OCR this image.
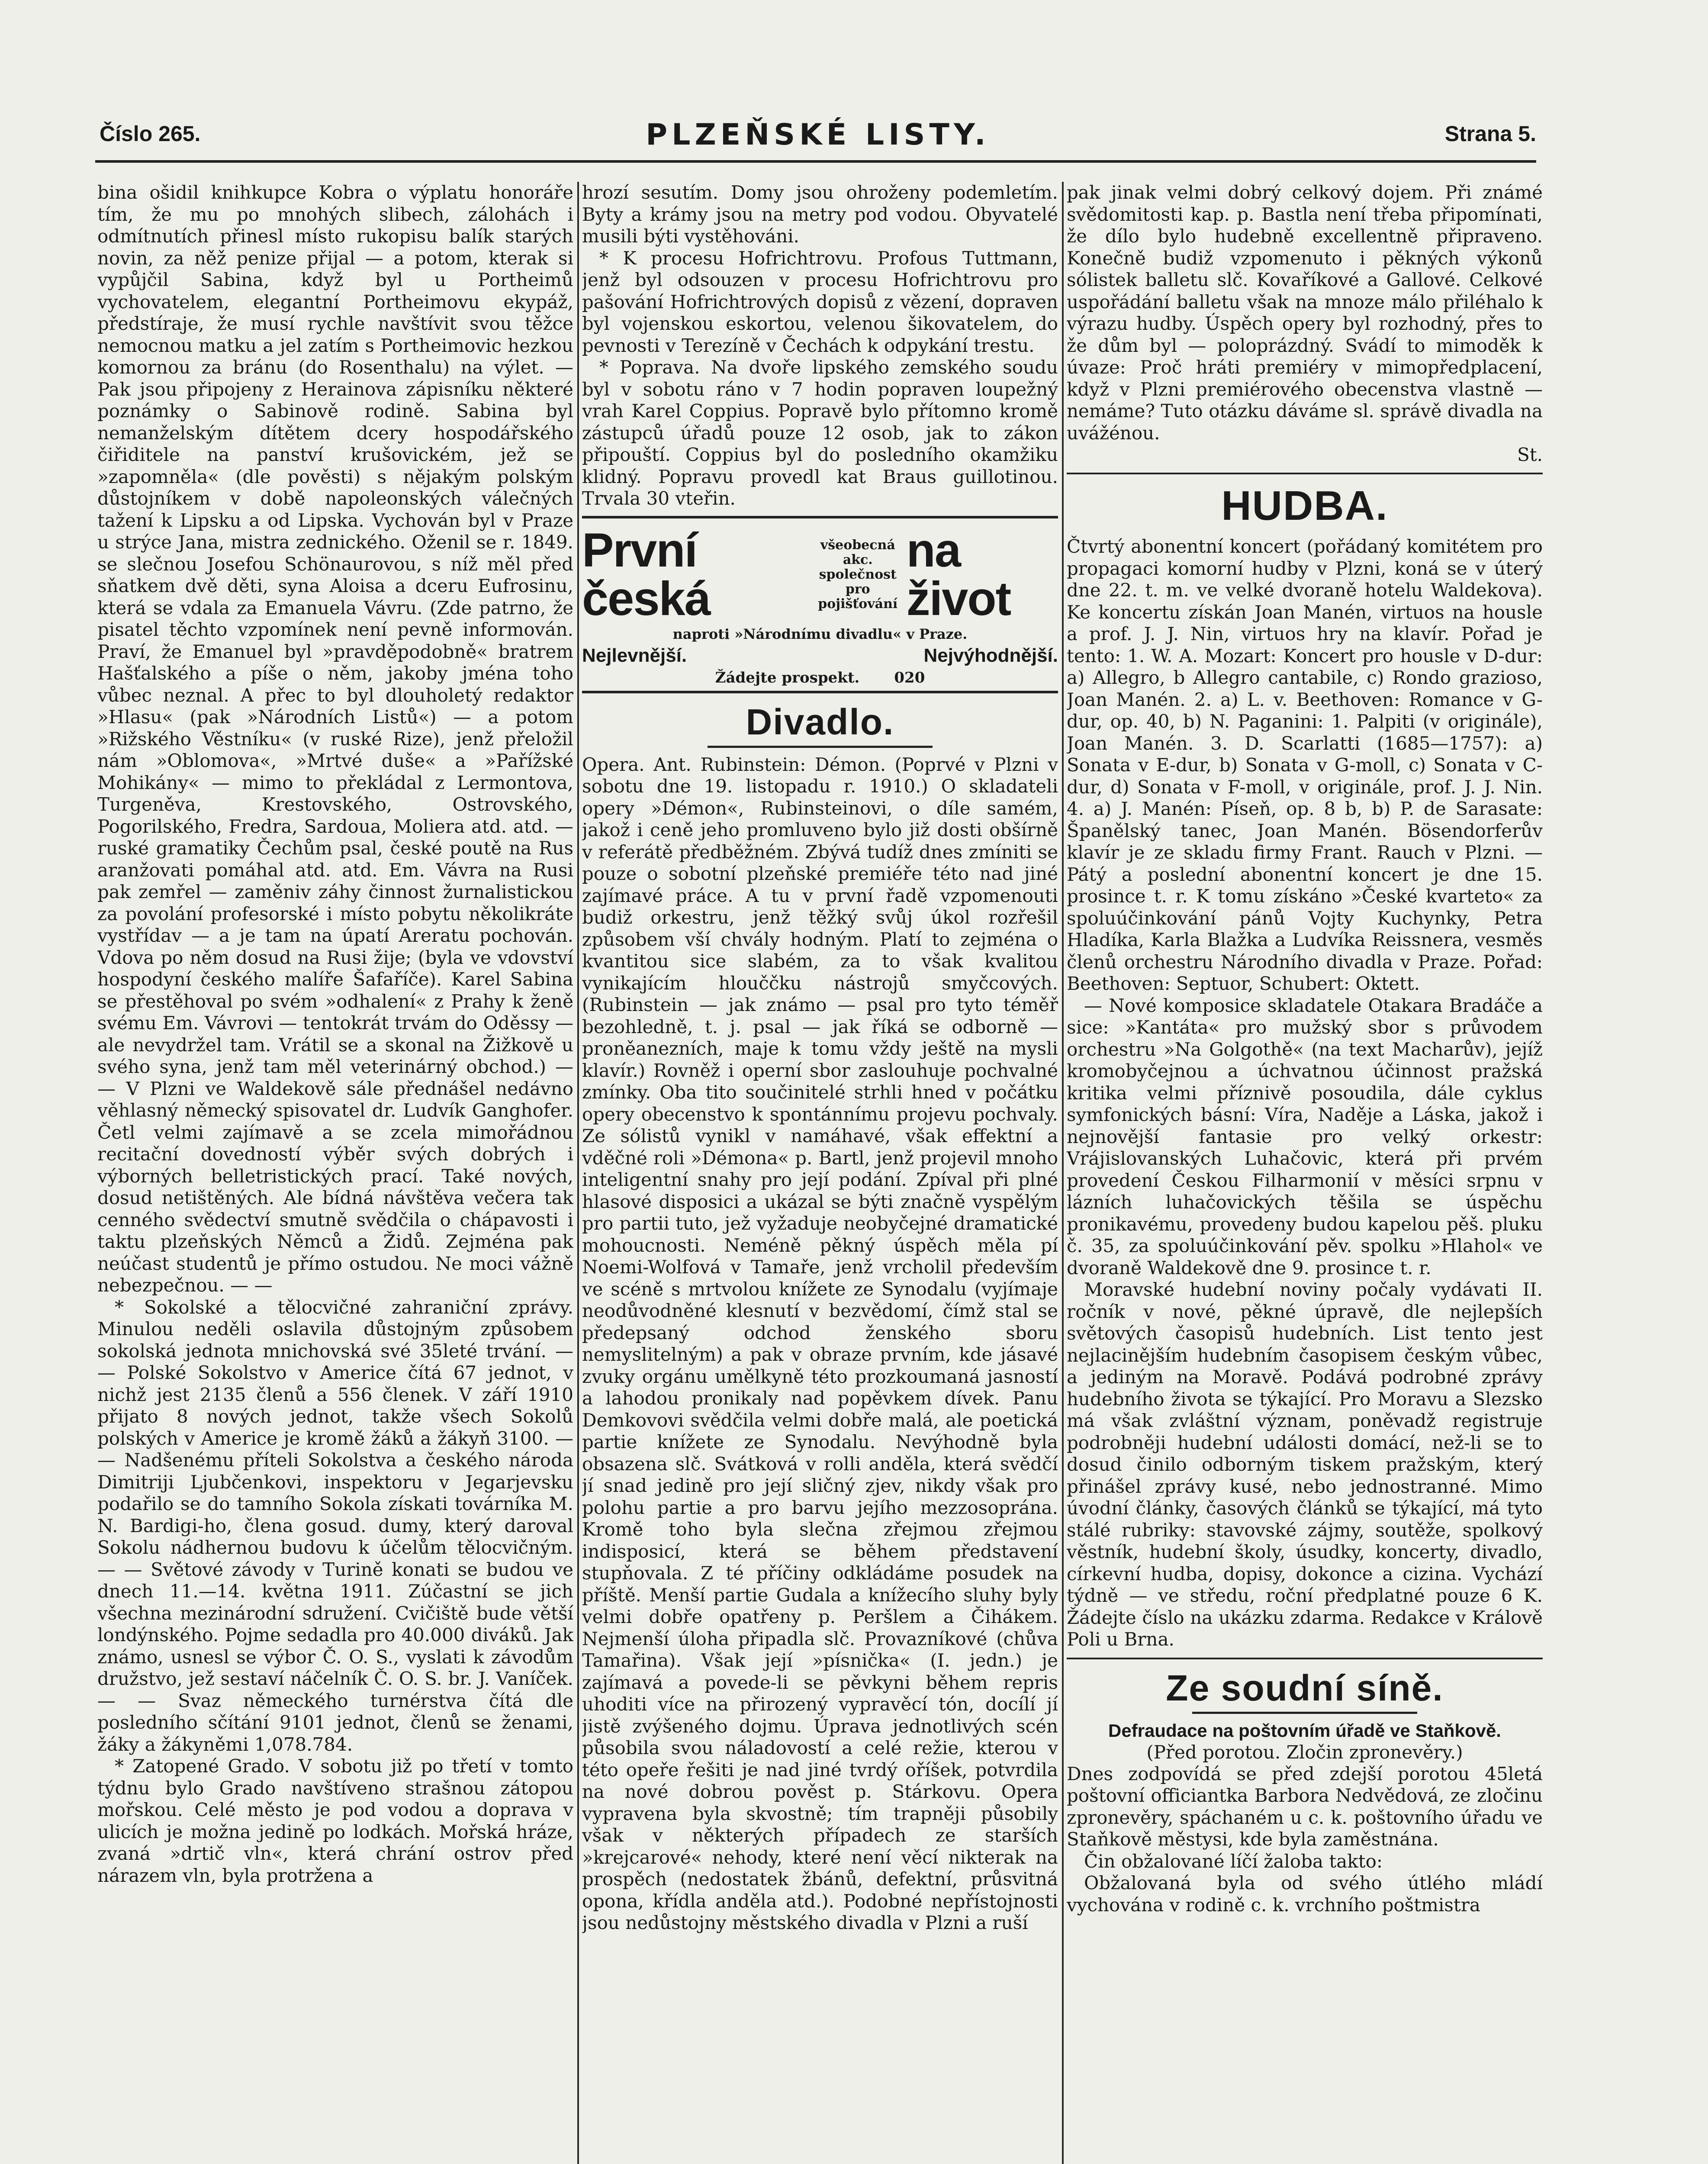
Číslo 265.	PLZEŇSKÉ LISTY.	Strana 5.

bina ošidil knihkupce Kobra o výplatu honoráře tím, že mu po mnohých slibech, zálohách i odmítnutích přinesl místo rukopisu balík starých novin, za něž penize přijal — a potom, kterak si vypůjčil Sabina, když byl u Portheimů vychovatelem, elegantní Portheimovu ekypáž, předstíraje, že musí rychle navštívit svou těžce nemocnou matku a jel zatím s Portheimovic hezkou komornou za bránu (do Rosenthalu) na výlet. — Pak jsou připojeny z Herainova zápisníku některé poznámky o Sabinově rodině. Sabina byl nemanželským dítětem dcery hospodářského čiřiditele na panství krušovickém, jež se »zapomněla« (dle pověsti) s nějakým polským důstojníkem v době napoleonských válečných tažení k Lipsku a od Lipska. Vychován byl v Praze u strýce Jana, mistra zednického. Oženil se r. 1849. se slečnou Josefou Schönaurovou, s níž měl před sňatkem dvě děti, syna Aloisa a dceru Eufrosinu, která se vdala za Emanuela Vávru. (Zde patrno, že pisatel těchto vzpomínek není pevně informován. Praví, že Emanuel byl »pravděpodobně« bratrem Hašťalského a píše o něm, jakoby jména toho vůbec neznal. A přec to byl dlouholetý redaktor »Hlasu« (pak »Národních Listů«) — a potom »Rižského Věstníku« (v ruské Rize), jenž přeložil nám »Oblomova«, »Mrtvé duše« a »Pařížské Mohikány« — mimo to překládal z Lermontova, Turgeněva, Krestovského, Ostrovského, Pogorilského, Fredra, Sardoua, Moliera atd. atd. — ruské gramatiky Čechům psal, české poutě na Rus aranžovati pomáhal atd. atd. Em. Vávra na Rusi pak zemřel — zaměniv záhy činnost žurnalistickou za povolání profesorské i místo pobytu několikráte vystřídav — a je tam na úpatí Areratu pochován. Vdova po něm dosud na Rusi žije; (byla ve vdovství hospodyní českého malíře Šafaříče). Karel Sabina se přestěhoval po svém »odhalení« z Prahy k ženě svému Em. Vávrovi — tentokrát trvám do Oděssy — ale nevydržel tam. Vrátil se a skonal na Žižkově u svého syna, jenž tam měl veterinárný obchod.) — — V Plzni ve Waldekově sále přednášel nedávno věhlasný německý spisovatel dr. Ludvík Ganghofer. Četl velmi zajímavě a se zcela mimořádnou recitační dovedností výběr svých dobrých i výborných belletristických prací. Také nových, dosud netištěných. Ale bídná návštěva večera tak cenného svědectví smutně svědčila o chápavosti i taktu plzeňských Němců a Židů. Zejména pak neúčast studentů je přímo ostudou. Ne moci vážně nebezpečnou. — —

* Sokolské a tělocvičné zahraniční zprávy. Minulou neděli oslavila důstojným způsobem sokolská jednota mnichovská své 35leté trvání. — — Polské Sokolstvo v Americe čítá 67 jednot, v nichž jest 2135 členů a 556 členek. V září 1910 přijato 8 nových jednot, takže všech Sokolů polských v Americe je kromě žáků a žákyň 3100. — — Nadšenému příteli Sokolstva a českého národa Dimitriji Ljubčenkovi, inspektoru v Jegarjevsku podařilo se do tamního Sokola získati továrníka M. N. Bardigi-ho, člena gosud. dumy, který daroval Sokolu nádhernou budovu k účelům tělocvičným. — — Světové závody v Turině konati se budou ve dnech 11.—14. května 1911. Zúčastní se jich všechna mezinárodní sdružení. Cvičiště bude větší londýnského. Pojme sedadla pro 40.000 diváků. Jak známo, usnesl se výbor Č. O. S., vyslati k závodům družstvo, jež sestaví náčelník Č. O. S. br. J. Vaníček. — — Svaz německého turnérstva čítá dle posledního sčítání 9101 jednot, členů se ženami, žáky a žákyněmi 1,078.784.

* Zatopené Grado. V sobotu již po třetí v tomto týdnu bylo Grado navštíveno strašnou zátopou mořskou. Celé město je pod vodou a doprava v ulicích je možna jedině po lodkách. Mořská hráze, zvaná »drtič vln«, která chrání ostrov před nárazem vln, byla protržena a

hrozí sesutím. Domy jsou ohroženy podemletím. Byty a krámy jsou na metry pod vodou. Obyvatelé musili býti vystěhováni.

* K procesu Hofrichtrovu. Profous Tuttmann, jenž byl odsouzen v procesu Hofrichtrovu pro pašování Hofrichtrových dopisů z vězení, dopraven byl vojenskou eskortou, velenou šikovatelem, do pevnosti v Terezíně v Čechách k odpykání trestu.

* Poprava. Na dvoře lipského zemského soudu byl v sobotu ráno v 7 hodin popraven loupežný vrah Karel Coppius. Popravě bylo přítomno kromě zástupců úřadů pouze 12 osob, jak to zákon připouští. Coppius byl do posledního okamžiku klidný. Popravu provedl kat Braus guillotinou. Trvala 30 vteřin.

První česká
všeobecná akc.
společnost
pro pojišťování
na život
naproti »Národnímu divadlu« v Praze.
Nejlevnější.	Nejvýhodnější.
Žádejte prospekt. 020
Divadlo.

Opera. Ant. Rubinstein: Démon. (Poprvé v Plzni v sobotu dne 19. listopadu r. 1910.) O skladateli opery »Démon«, Rubinsteinovi, o díle samém, jakož i ceně jeho promluveno bylo již dosti obšírně v referátě předběžném. Zbývá tudíž dnes zmíniti se pouze o sobotní plzeňské premiéře této nad jiné zajímavé práce. A tu v první řadě vzpomenouti budiž orkestru, jenž těžký svůj úkol rozřešil způsobem vší chvály hodným. Platí to zejména o kvantitou sice slabém, za to však kvalitou vynikajícím hlouččku nástrojů smyčcových. (Rubinstein — jak známo — psal pro tyto téměř bezohledně, t. j. psal — jak říká se odborně — proněanezních, maje k tomu vždy ještě na mysli klavír.) Rovněž i operní sbor zaslouhuje pochvalné zmínky. Oba tito součinitelé strhli hned v počátku opery obecenstvo k spontánnímu projevu pochvaly. Ze sólistů vynikl v namáhavé, však effektní a vděčné roli »Démona« p. Bartl, jenž projevil mnoho inteligentní snahy pro její podání. Zpíval při plné hlasové disposici a ukázal se býti značně vyspělým pro partii tuto, jež vyžaduje neobyčejné dramatické mohoucnosti. Neméně pěkný úspěch měla pí Noemi-Wolfová v Tamaře, jenž vrcholil především ve scéně s mrtvolou knížete ze Synodalu (vyjímaje neodůvodněné klesnutí v bezvědomí, čímž stal se předepsaný odchod ženského sboru nemyslitelným) a pak v obraze prvním, kde jásavé zvuky orgánu umělkyně této prozkoumaná jasností a lahodou pronikaly nad popěvkem dívek. Panu Demkovovi svědčila velmi dobře malá, ale poetická partie knížete ze Synodalu. Nevýhodně byla obsazena slč. Svátková v rolli anděla, která svědčí jí snad jedině pro její sličný zjev, nikdy však pro polohu partie a pro barvu jejího mezzosoprána. Kromě toho byla slečna zřejmou zřejmou indisposicí, která se během představení stupňovala. Z té příčiny odkládáme posudek na příště. Menší partie Gudala a knížecího sluhy byly velmi dobře opatřeny p. Peršlem a Čihákem. Nejmenší úloha připadla slč. Provazníkové (chůva Tamařina). Však její »písnička« (I. jedn.) je zajímavá a povede-li se pěvkyni během repris uhoditi více na přirozený vypravěcí tón, docílí jí jistě zvýšeného dojmu. Úprava jednotlivých scén působila svou náladovostí a celé režie, kterou v této opeře řešiti je nad jiné tvrdý oříšek, potvrdila na nové dobrou pověst p. Stárkovu. Opera vypravena byla skvostně; tím trapněji působily však v některých případech ze starších »krejcarové« nehody, které není věcí nikterak na prospěch (nedostatek žbánů, defektní, průsvitná opona, křídla anděla atd.). Podobné nepřístojnosti jsou nedůstojny městského divadla v Plzni a ruší

pak jinak velmi dobrý celkový dojem. Při známé svědomitosti kap. p. Bastla není třeba připomínati, že dílo bylo hudebně excellentně připraveno. Konečně budiž vzpomenuto i pěkných výkonů sólistek balletu slč. Kovaříkové a Gallové. Celkové uspořádání balletu však na mnoze málo přiléhalo k výrazu hudby. Úspěch opery byl rozhodný, přes to že dům byl — poloprázdný. Svádí to mimoděk k úvaze: Proč hráti premiéry v mimopředplacení, když v Plzni premiérového obecenstva vlastně — nemáme? Tuto otázku dáváme sl. správě divadla na uvážénou.

St.
HUDBA.

Čtvrtý abonentní koncert (pořádaný komitétem pro propagaci komorní hudby v Plzni, koná se v úterý dne 22. t. m. ve velké dvoraně hotelu Waldekova). Ke koncertu získán Joan Manén, virtuos na housle a prof. J. J. Nin, virtuos hry na klavír. Pořad je tento: 1. W. A. Mozart: Koncert pro housle v D-dur: a) Allegro, b Allegro cantabile, c) Rondo grazioso, Joan Manén. 2. a) L. v. Beethoven: Romance v G-dur, op. 40, b) N. Paganini: 1. Palpiti (v originále), Joan Manén. 3. D. Scarlatti (1685—1757): a) Sonata v E-dur, b) Sonata v G-moll, c) Sonata v C-dur, d) Sonata v F-moll, v originále, prof. J. J. Nin. 4. a) J. Manén: Píseň, op. 8 b, b) P. de Sarasate: Španělský tanec, Joan Manén. Bösendorferův klavír je ze skladu firmy Frant. Rauch v Plzni. — Pátý a poslední abonentní koncert je dne 15. prosince t. r. K tomu získáno »České kvarteto« za spoluúčinkování pánů Vojty Kuchynky, Petra Hladíka, Karla Blažka a Ludvíka Reissnera, vesměs členů orchestru Národního divadla v Praze. Pořad: Beethoven: Septuor, Schubert: Oktett.

— Nové komposice skladatele Otakara Bradáče a sice: »Kantáta« pro mužský sbor s průvodem orchestru »Na Golgothě« (na text Macharův), jejíž kromobyčejnou a úchvatnou účinnost pražská kritika velmi příznivě posoudila, dále cyklus symfonických básní: Víra, Naděje a Láska, jakož i nejnovější fantasie pro velký orkestr: Vrájislovanských Luhačovic, která při prvém provedení Českou Filharmonií v měsíci srpnu v lázních luhačovických těšila se úspěchu pronikavému, provedeny budou kapelou pěš. pluku č. 35, za spoluúčinkování pěv. spolku »Hlahol« ve dvoraně Waldekově dne 9. prosince t. r.

Moravské hudební noviny počaly vydávati II. ročník v nové, pěkné úpravě, dle nejlepších světových časopisů hudebních. List tento jest nejlacinějším hudebním časopisem českým vůbec, a jediným na Moravě. Podává podrobné zprávy hudebního života se týkající. Pro Moravu a Slezsko má však zvláštní význam, poněvadž registruje podrobněji hudební události domácí, než-li se to dosud činilo odborným tiskem pražským, který přinášel zprávy kusé, nebo jednostranné. Mimo úvodní články, časových článků se týkající, má tyto stálé rubriky: stavovské zájmy, soutěže, spolkový věstník, hudební školy, úsudky, koncerty, divadlo, církevní hudba, dopisy, dokonce a cizina. Vychází týdně — ve středu, roční předplatné pouze 6 K. Žádejte číslo na ukázku zdarma. Redakce v Králově Poli u Brna.

Ze soudní síně.
Defraudace na poštovním úřadě ve Staňkově.
(Před porotou. Zločin zpronevěry.)

Dnes zodpovídá se před zdejší porotou 45letá poštovní officiantka Barbora Nedvědová, ze zločinu zpronevěry, spáchaném u c. k. poštovního úřadu ve Staňkově městysi, kde byla zaměstnána.

Čin obžalované líčí žaloba takto:

Obžalovaná byla od svého útlého mládí vychována v rodině c. k. vrchního poštmistra
